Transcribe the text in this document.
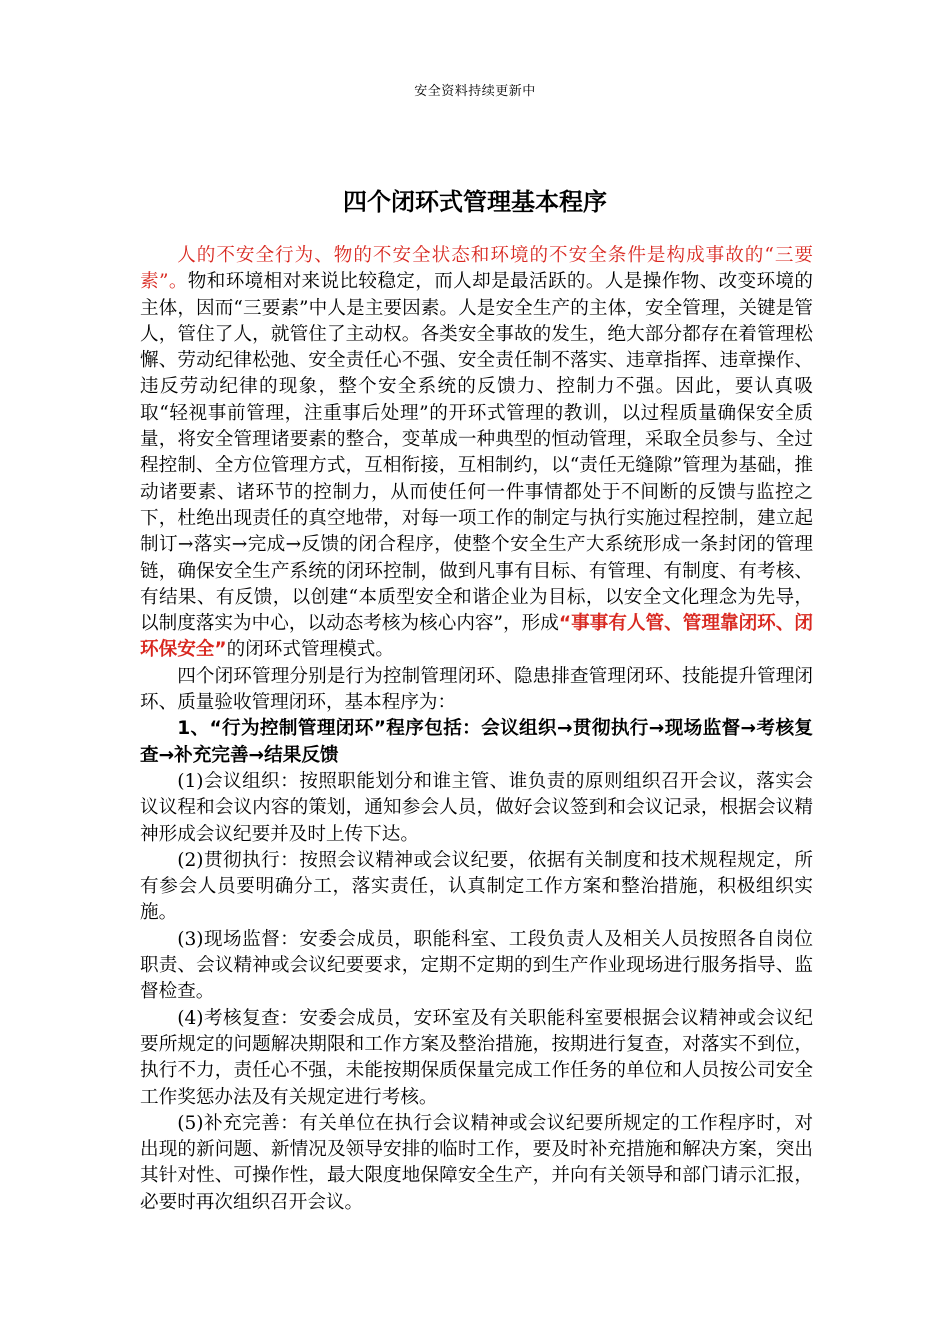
安全资料持续更新中
四个闭环式管理基本程序

人的不安全行为、物的不安全状态和环境的不安全条件是构成事故的“三要素”。物和环境相对来说比较稳定，而人却是最活跃的。人是操作物、改变环境的主体，因而“三要素”中人是主要因素。人是安全生产的主体，安全管理，关键是管人，管住了人，就管住了主动权。各类安全事故的发生，绝大部分都存在着管理松懈、劳动纪律松弛、安全责任心不强、安全责任制不落实、违章指挥、违章操作、违反劳动纪律的现象，整个安全系统的反馈力、控制力不强。因此，要认真吸取“轻视事前管理，注重事后处理”的开环式管理的教训，以过程质量确保安全质量，将安全管理诸要素的整合，变革成一种典型的恒动管理，采取全员参与、全过程控制、全方位管理方式，互相衔接，互相制约，以“责任无缝隙”管理为基础，推动诸要素、诸环节的控制力，从而使任何一件事情都处于不间断的反馈与监控之下，杜绝出现责任的真空地带，对每一项工作的制定与执行实施过程控制，建立起制订→落实→完成→反馈的闭合程序，使整个安全生产大系统形成一条封闭的管理链，确保安全生产系统的闭环控制，做到凡事有目标、有管理、有制度、有考核、有结果、有反馈，以创建“本质型安全和谐企业为目标，以安全文化理念为先导，以制度落实为中心，以动态考核为核心内容”，形成“事事有人管、管理靠闭环、闭环保安全”的闭环式管理模式。

四个闭环管理分别是行为控制管理闭环、隐患排查管理闭环、技能提升管理闭环、质量验收管理闭环，基本程序为：

1、“行为控制管理闭环”程序包括：会议组织→贯彻执行→现场监督→考核复查→补充完善→结果反馈

(1)会议组织：按照职能划分和谁主管、谁负责的原则组织召开会议，落实会议议程和会议内容的策划，通知参会人员，做好会议签到和会议记录，根据会议精神形成会议纪要并及时上传下达。

(2)贯彻执行：按照会议精神或会议纪要，依据有关制度和技术规程规定，所有参会人员要明确分工，落实责任，认真制定工作方案和整治措施，积极组织实施。

(3)现场监督：安委会成员，职能科室、工段负责人及相关人员按照各自岗位职责、会议精神或会议纪要要求，定期不定期的到生产作业现场进行服务指导、监督检查。

(4)考核复查：安委会成员，安环室及有关职能科室要根据会议精神或会议纪要所规定的问题解决期限和工作方案及整治措施，按期进行复查，对落实不到位，执行不力，责任心不强，未能按期保质保量完成工作任务的单位和人员按公司安全工作奖惩办法及有关规定进行考核。

(5)补充完善：有关单位在执行会议精神或会议纪要所规定的工作程序时，对出现的新问题、新情况及领导安排的临时工作，要及时补充措施和解决方案，突出其针对性、可操作性，最大限度地保障安全生产，并向有关领导和部门请示汇报，必要时再次组织召开会议。
